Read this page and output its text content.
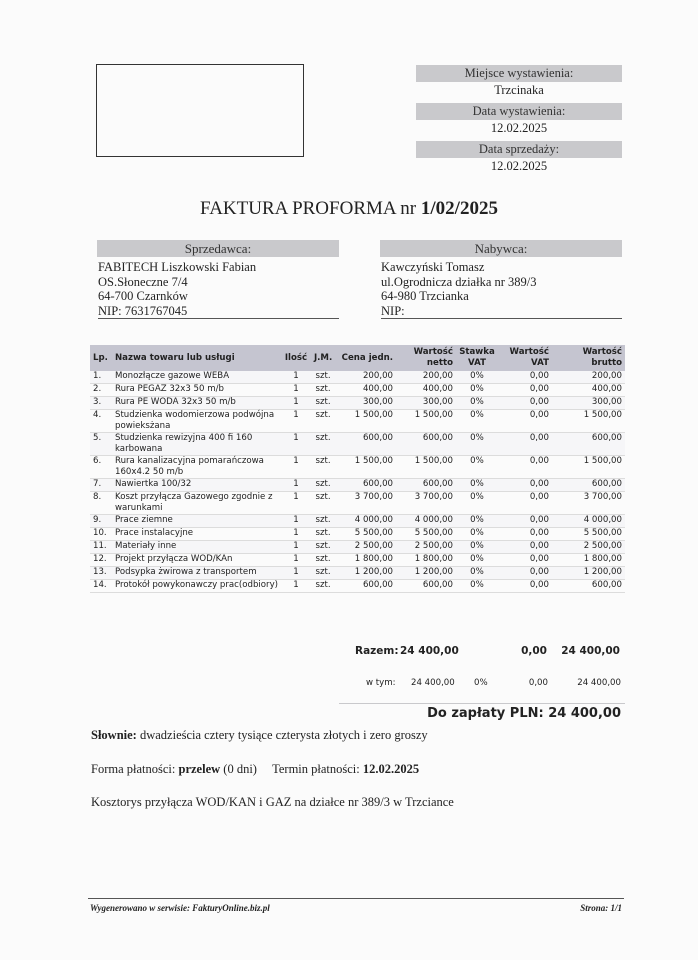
Miejsce wystawienia:
Trzcinaka
Data wystawienia:
12.02.2025
Data sprzedaży:
12.02.2025
FAKTURA PROFORMA nr 1/02/2025
Sprzedawca:
FABITECH Liszkowski Fabian
OS.Słoneczne 7/4
64-700 Czarnków
NIP: 7631767045
Nabywca:
Kawczyński Tomasz
ul.Ogrodnicza działka nr 389/3
64-980 Trzcianka
NIP:
Lp.	Nazwa towaru lub usługi	Ilość	J.M.	Cena jedn.	Wartość netto	Stawka VAT	Wartość VAT	Wartość brutto
1.	Monozłącze gazowe WEBA	1	szt.	200,00	200,00	0%	0,00	200,00
2.	Rura PEGAZ 32x3 50 m/b	1	szt.	400,00	400,00	0%	0,00	400,00
3.	Rura PE WODA 32x3 50 m/b	1	szt.	300,00	300,00	0%	0,00	300,00
4.	Studzienka wodomierzowa podwójna powieksżana	1	szt.	1 500,00	1 500,00	0%	0,00	1 500,00
5.	Studzienka rewizyjna 400 fi 160 karbowana	1	szt.	600,00	600,00	0%	0,00	600,00
6.	Rura kanalizacyjna pomarańczowa 160x4.2 50 m/b	1	szt.	1 500,00	1 500,00	0%	0,00	1 500,00
7.	Nawiertka 100/32	1	szt.	600,00	600,00	0%	0,00	600,00
8.	Koszt przyłącza Gazowego zgodnie z warunkami	1	szt.	3 700,00	3 700,00	0%	0,00	3 700,00
9.	Prace ziemne	1	szt.	4 000,00	4 000,00	0%	0,00	4 000,00
10.	Prace instalacyjne	1	szt.	5 500,00	5 500,00	0%	0,00	5 500,00
11.	Materiały inne	1	szt.	2 500,00	2 500,00	0%	0,00	2 500,00
12.	Projekt przyłącza WOD/KAn	1	szt.	1 800,00	1 800,00	0%	0,00	1 800,00
13.	Podsypka żwirowa z transportem	1	szt.	1 200,00	1 200,00	0%	0,00	1 200,00
14.	Protokół powykonawczy prac(odbiory)	1	szt.	600,00	600,00	0%	0,00	600,00
Razem: 24 400,00	0,00 24 400,00
w tym: 24 400,00 0%	0,00	24 400,00
Do zapłaty PLN: 24 400,00
Słownie: dwadzieścia cztery tysiące czterysta złotych i zero groszy
Forma płatności: przelew (0 dni) Termin płatności: 12.02.2025
Kosztorys przyłącza WOD/KAN i GAZ na działce nr 389/3 w Trzciance
Wygenerowano w serwisie: FakturyOnline.biz.pl	Strona: 1/1
